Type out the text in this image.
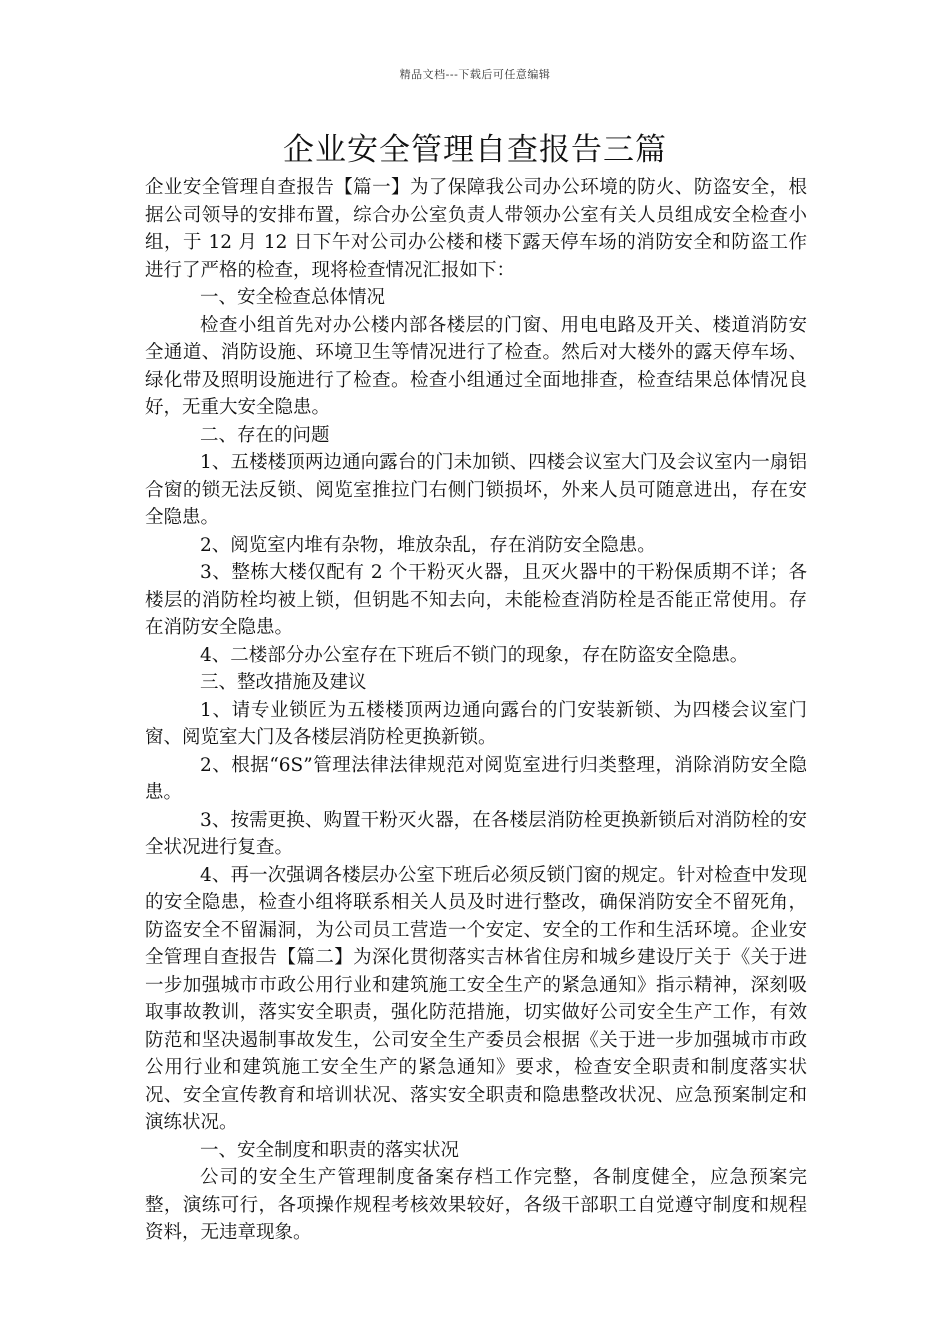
精品文档---下载后可任意编辑
企业安全管理自查报告三篇

企业安全管理自查报告【篇一】为了保障我公司办公环境的防火、防盗安全，根据公司领导的安排布置，综合办公室负责人带领办公室有关人员组成安全检查小组，于 12 月 12 日下午对公司办公楼和楼下露天停车场的消防安全和防盗工作进行了严格的检查，现将检查情况汇报如下：

一、安全检查总体情况

检查小组首先对办公楼内部各楼层的门窗、用电电路及开关、楼道消防安全通道、消防设施、环境卫生等情况进行了检查。然后对大楼外的露天停车场、绿化带及照明设施进行了检查。检查小组通过全面地排查，检查结果总体情况良好，无重大安全隐患。

二、存在的问题

1、五楼楼顶两边通向露台的门未加锁、四楼会议室大门及会议室内一扇铝合窗的锁无法反锁、阅览室推拉门右侧门锁损坏，外来人员可随意进出，存在安全隐患。

2、阅览室内堆有杂物，堆放杂乱，存在消防安全隐患。

3、整栋大楼仅配有 2 个干粉灭火器，且灭火器中的干粉保质期不详；各楼层的消防栓均被上锁，但钥匙不知去向，未能检查消防栓是否能正常使用。存在消防安全隐患。

4、二楼部分办公室存在下班后不锁门的现象，存在防盗安全隐患。

三、整改措施及建议

1、请专业锁匠为五楼楼顶两边通向露台的门安装新锁、为四楼会议室门窗、阅览室大门及各楼层消防栓更换新锁。

2、根据“6S”管理法律法律规范对阅览室进行归类整理，消除消防安全隐患。

3、按需更换、购置干粉灭火器，在各楼层消防栓更换新锁后对消防栓的安全状况进行复查。

4、再一次强调各楼层办公室下班后必须反锁门窗的规定。针对检查中发现的安全隐患，检查小组将联系相关人员及时进行整改，确保消防安全不留死角，防盗安全不留漏洞，为公司员工营造一个安定、安全的工作和生活环境。企业安全管理自查报告【篇二】为深化贯彻落实吉林省住房和城乡建设厅关于《关于进一步加强城市市政公用行业和建筑施工安全生产的紧急通知》指示精神，深刻吸取事故教训，落实安全职责，强化防范措施，切实做好公司安全生产工作，有效防范和坚决遏制事故发生，公司安全生产委员会根据《关于进一步加强城市市政公用行业和建筑施工安全生产的紧急通知》要求，检查安全职责和制度落实状况、安全宣传教育和培训状况、落实安全职责和隐患整改状况、应急预案制定和演练状况。

一、安全制度和职责的落实状况

公司的安全生产管理制度备案存档工作完整，各制度健全，应急预案完整，演练可行，各项操作规程考核效果较好，各级干部职工自觉遵守制度和规程资料，无违章现象。
